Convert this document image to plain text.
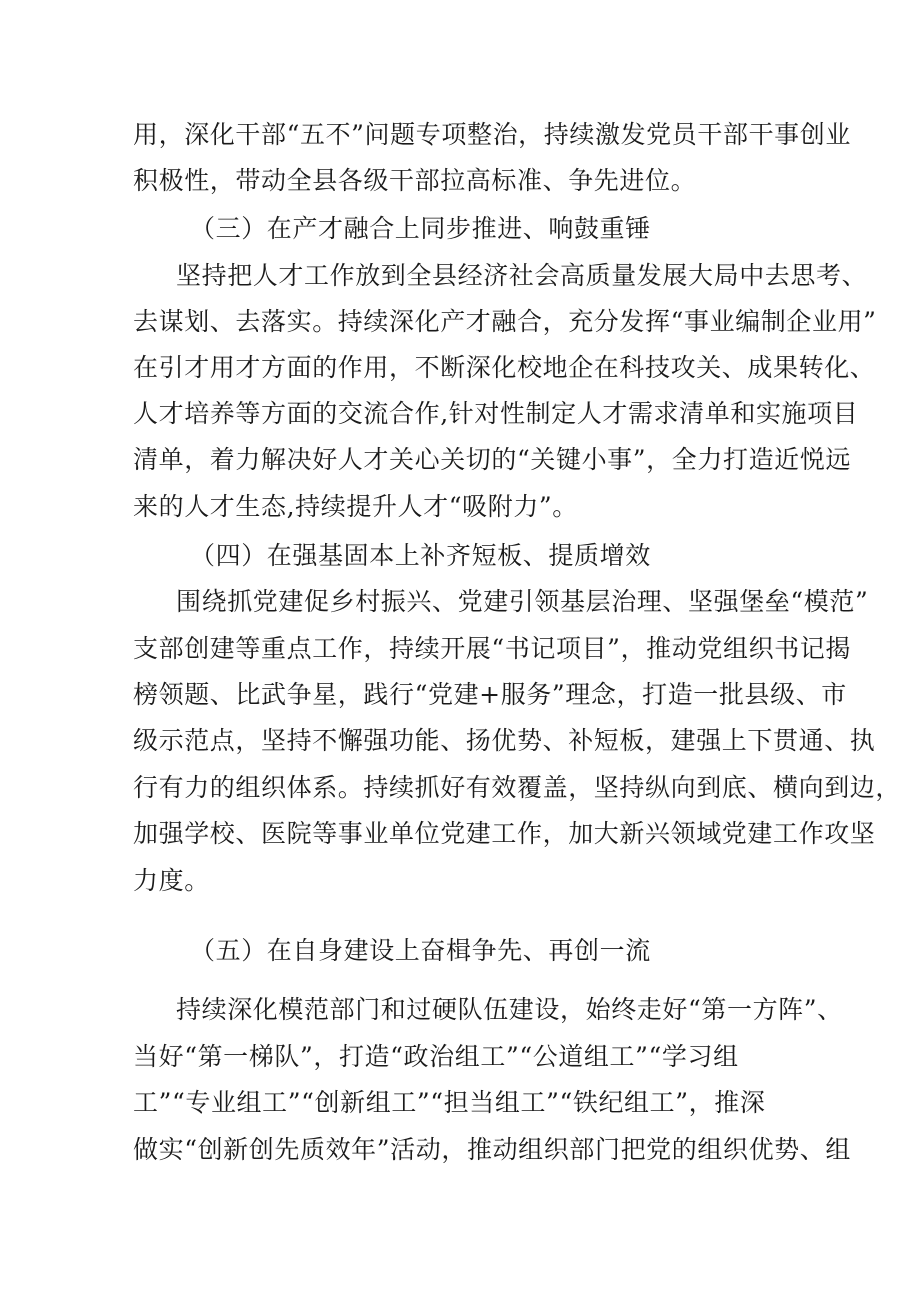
用，深化干部“五不”问题专项整治，持续激发党员干部干事创业
积极性，带动全县各级干部拉高标准、争先进位。
（三）在产才融合上同步推进、响鼓重锤
坚持把人才工作放到全县经济社会高质量发展大局中去思考、
去谋划、去落实。持续深化产才融合，充分发挥“事业编制企业用”
在引才用才方面的作用，不断深化校地企在科技攻关、成果转化、
人才培养等方面的交流合作,针对性制定人才需求清单和实施项目
清单，着力解决好人才关心关切的“关键小事”，全力打造近悦远
来的人才生态,持续提升人才“吸附力”。
（四）在强基固本上补齐短板、提质增效
围绕抓党建促乡村振兴、党建引领基层治理、坚强堡垒“模范”
支部创建等重点工作，持续开展“书记项目”，推动党组织书记揭
榜领题、比武争星，践行“党建+服务”理念，打造一批县级、市
级示范点，坚持不懈强功能、扬优势、补短板，建强上下贯通、执
行有力的组织体系。持续抓好有效覆盖，坚持纵向到底、横向到边，
加强学校、医院等事业单位党建工作，加大新兴领域党建工作攻坚
力度。
（五）在自身建设上奋楫争先、再创一流
持续深化模范部门和过硬队伍建设，始终走好“第一方阵”、
当好“第一梯队”，打造“政治组工”“公道组工”“学习组
工”“专业组工”“创新组工”“担当组工”“铁纪组工”，推深
做实“创新创先质效年”活动，推动组织部门把党的组织优势、组
